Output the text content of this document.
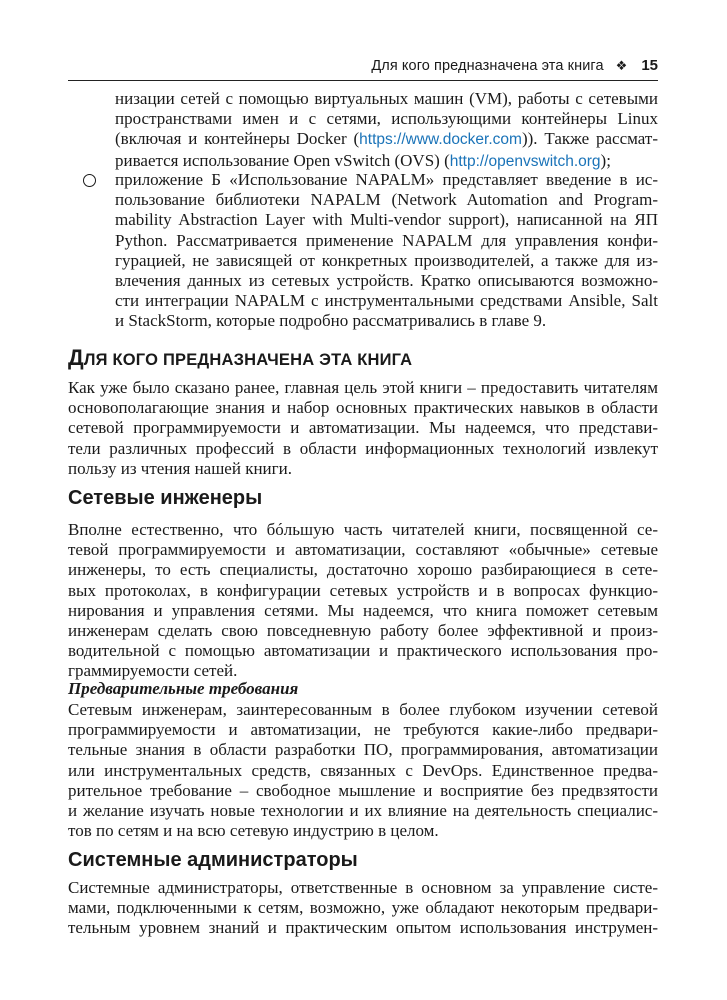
Для кого предназначена эта книга ❖ 15
низации сетей с помощью виртуальных машин (VM), работы с сетевыми
пространствами имен и с сетями, использующими контейнеры Linux
(включая и контейнеры Docker (https://www.docker.com)). Также рассмат-
ривается использование Open vSwitch (OVS) (http://openvswitch.org);
приложение Б «Использование NAPALM» представляет введение в ис-
пользование библиотеки NAPALM (Network Automation and Program-
mability Abstraction Layer with Multi-vendor support), написанной на ЯП
Python. Рассматривается применение NAPALM для управления конфи-
гурацией, не зависящей от конкретных производителей, а также для из-
влечения данных из сетевых устройств. Кратко описываются возможно-
сти интеграции NAPALM с инструментальными средствами Ansible, Salt
и StackStorm, которые подробно рассматривались в главе 9.
ДЛЯ КОГО ПРЕДНАЗНАЧЕНА ЭТА КНИГА
Как уже было сказано ранее, главная цель этой книги – предоставить читателям
основополагающие знания и набор основных практических навыков в области
сетевой программируемости и автоматизации. Мы надеемся, что представи-
тели различных профессий в области информационных технологий извлекут
пользу из чтения нашей книги.
Сетевые инженеры
Вполне естественно, что бóльшую часть читателей книги, посвященной се-
тевой программируемости и автоматизации, составляют «обычные» сетевые
инженеры, то есть специалисты, достаточно хорошо разбирающиеся в сете-
вых протоколах, в конфигурации сетевых устройств и в вопросах функцио-
нирования и управления сетями. Мы надеемся, что книга поможет сетевым
инженерам сделать свою повседневную работу более эффективной и произ-
водительной с помощью автоматизации и практического использования про-
граммируемости сетей.
Предварительные требования
Сетевым инженерам, заинтересованным в более глубоком изучении сетевой
программируемости и автоматизации, не требуются какие-либо предвари-
тельные знания в области разработки ПО, программирования, автоматизации
или инструментальных средств, связанных с DevOps. Единственное предва-
рительное требование – свободное мышление и восприятие без предвзятости
и желание изучать новые технологии и их влияние на деятельность специалис-
тов по сетям и на всю сетевую индустрию в целом.
Системные администраторы
Системные администраторы, ответственные в основном за управление систе-
мами, подключенными к сетям, возможно, уже обладают некоторым предвари-
тельным уровнем знаний и практическим опытом использования инструмен-
